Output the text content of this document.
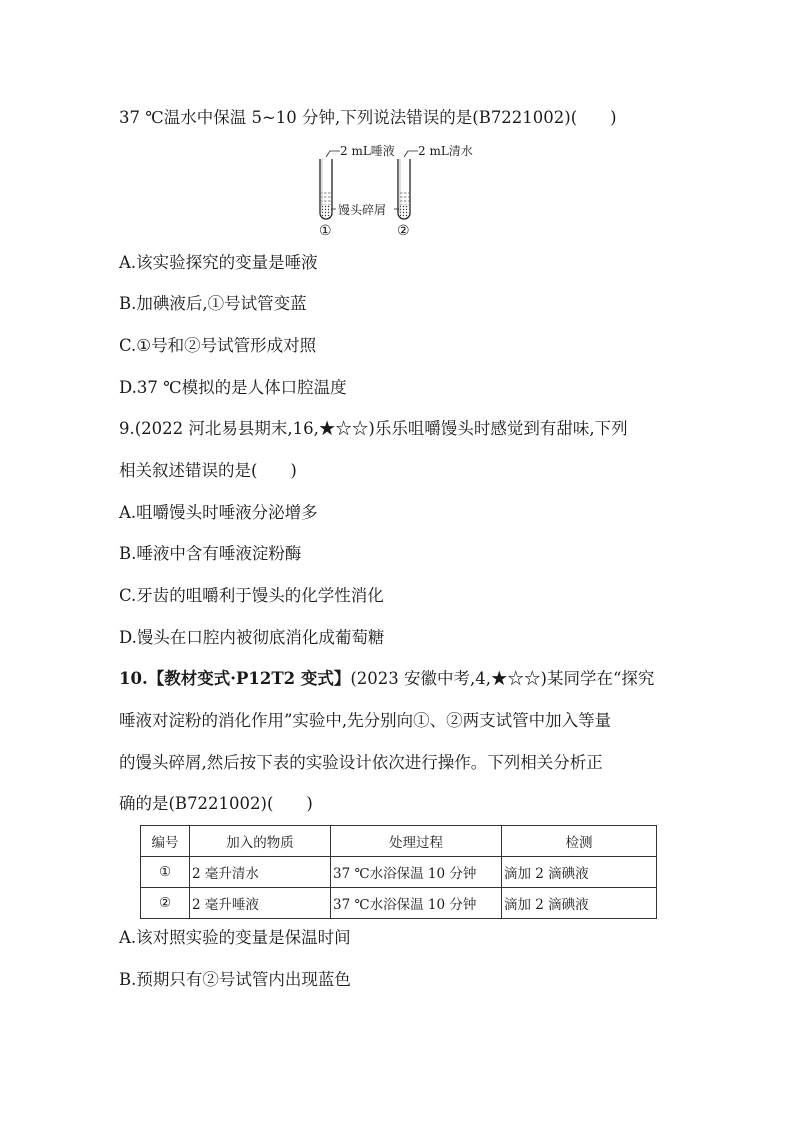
37 ℃温水中保温 5~10 分钟,下列说法错误的是(B7221002)(　　)
2 mL唾液 2 mL清水
馒头碎屑
①	②
A.该实验探究的变量是唾液
B.加碘液后,①号试管变蓝
C.①号和②号试管形成对照
D.37 ℃模拟的是人体口腔温度
9.(2022 河北易县期末,16,★☆☆)乐乐咀嚼馒头时感觉到有甜味,下列
相关叙述错误的是(　　)
A.咀嚼馒头时唾液分泌增多
B.唾液中含有唾液淀粉酶
C.牙齿的咀嚼利于馒头的化学性消化
D.馒头在口腔内被彻底消化成葡萄糖
10.【教材变式·P12T2 变式】(2023 安徽中考,4,★☆☆)某同学在“探究
唾液对淀粉的消化作用”实验中,先分别向①、②两支试管中加入等量
的馒头碎屑,然后按下表的实验设计依次进行操作。下列相关分析正
确的是(B7221002)(　　)
编号	加入的物质	处理过程	检测
①	2 毫升清水	37 ℃水浴保温 10 分钟	滴加 2 滴碘液
②	2 毫升唾液	37 ℃水浴保温 10 分钟	滴加 2 滴碘液
A.该对照实验的变量是保温时间
B.预期只有②号试管内出现蓝色
